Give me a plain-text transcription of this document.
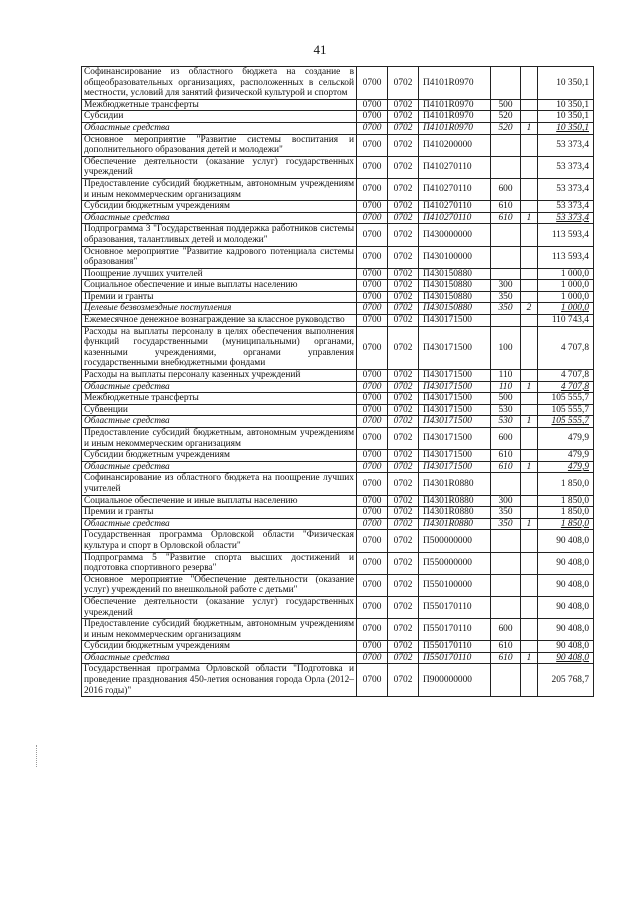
41
Софинансирование из областного бюджета на создание в общеобразовательных организациях, расположенных в сельской местности, условий для занятий физической культурой и спортом	0700	0702	П4101R0970			10 350,1
Межбюджетные трансферты	0700	0702	П4101R0970	500		10 350,1
Субсидии	0700	0702	П4101R0970	520		10 350,1
Областные средства	0700	0702	П4101R0970	520	1	10 350,1
Основное мероприятие "Развитие системы воспитания и дополнительного образования детей и молодежи"	0700	0702	П410200000			53 373,4
Обеспечение деятельности (оказание услуг) государственных учреждений	0700	0702	П410270110			53 373,4
Предоставление субсидий бюджетным, автономным учреждениям и иным некоммерческим организациям	0700	0702	П410270110	600		53 373,4
Субсидии бюджетным учреждениям	0700	0702	П410270110	610		53 373,4
Областные средства	0700	0702	П410270110	610	1	53 373,4
Подпрограмма 3 "Государственная поддержка работников системы образования, талантливых детей и молодежи"	0700	0702	П430000000			113 593,4
Основное мероприятие "Развитие кадрового потенциала системы образования"	0700	0702	П430100000			113 593,4
Поощрение лучших учителей	0700	0702	П430150880			1 000,0
Социальное обеспечение и иные выплаты населению	0700	0702	П430150880	300		1 000,0
Премии и гранты	0700	0702	П430150880	350		1 000,0
Целевые безвозмездные поступления	0700	0702	П430150880	350	2	1 000,0
Ежемесячное денежное вознаграждение за классное руководство	0700	0702	П430171500			110 743,4
Расходы на выплаты персоналу в целях обеспечения выполнения функций государственными (муниципальными) органами, казенными учреждениями, органами управления государственными внебюджетными фондами	0700	0702	П430171500	100		4 707,8
Расходы на выплаты персоналу казенных учреждений	0700	0702	П430171500	110		4 707,8
Областные средства	0700	0702	П430171500	110	1	4 707,8
Межбюджетные трансферты	0700	0702	П430171500	500		105 555,7
Субвенции	0700	0702	П430171500	530		105 555,7
Областные средства	0700	0702	П430171500	530	1	105 555,7
Предоставление субсидий бюджетным, автономным учреждениям и иным некоммерческим организациям	0700	0702	П430171500	600		479,9
Субсидии бюджетным учреждениям	0700	0702	П430171500	610		479,9
Областные средства	0700	0702	П430171500	610	1	479,9
Софинансирование из областного бюджета на поощрение лучших учителей	0700	0702	П4301R0880			1 850,0
Социальное обеспечение и иные выплаты населению	0700	0702	П4301R0880	300		1 850,0
Премии и гранты	0700	0702	П4301R0880	350		1 850,0
Областные средства	0700	0702	П4301R0880	350	1	1 850,0
Государственная программа Орловской области "Физическая культура и спорт в Орловской области"	0700	0702	П500000000			90 408,0
Подпрограмма 5 "Развитие спорта высших достижений и подготовка спортивного резерва"	0700	0702	П550000000			90 408,0
Основное мероприятие "Обеспечение деятельности (оказание услуг) учреждений по внешкольной работе с детьми"	0700	0702	П550100000			90 408,0
Обеспечение деятельности (оказание услуг) государственных учреждений	0700	0702	П550170110			90 408,0
Предоставление субсидий бюджетным, автономным учреждениям и иным некоммерческим организациям	0700	0702	П550170110	600		90 408,0
Субсидии бюджетным учреждениям	0700	0702	П550170110	610		90 408,0
Областные средства	0700	0702	П550170110	610	1	90 408,0
Государственная программа Орловской области "Подготовка и проведение празднования 450-летия основания города Орла (2012–2016 годы)"	0700	0702	П900000000			205 768,7
